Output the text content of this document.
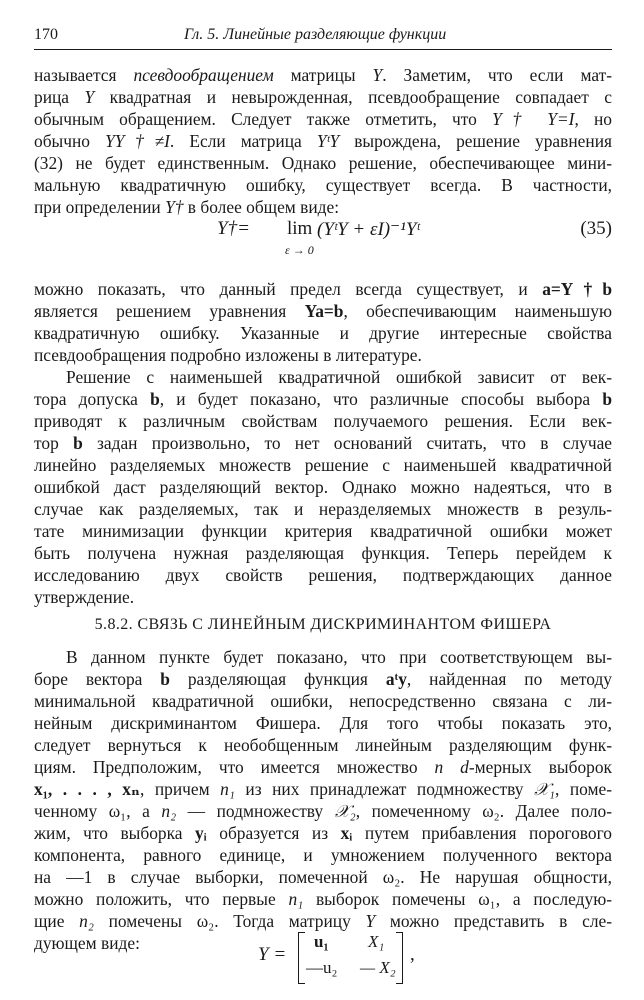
170	Гл. 5. Линейные разделяющие функции
называется псевдообращением матрицы Y. Заметим, что если мат-
рица Y квадратная и невырожденная, псевдообращение совпадает с
обычным обращением. Следует также отметить, что Y† Y=I, но
обычно YY†≠I. Если матрица YᵗY вырождена, решение уравнения
(32) не будет единственным. Однако решение, обеспечивающее мини-
мальную квадратичную ошибку, существует всегда. В частности,
при определении Y† в более общем виде:
Y†= lim
ε → 0
(YᵗY + εI)⁻¹Yᵗ	(35)
можно показать, что данный предел всегда существует, и a=Y†b
является решением уравнения Ya=b, обеспечивающим наименьшую
квадратичную ошибку. Указанные и другие интересные свойства
псевдообращения подробно изложены в литературе.
Решение с наименьшей квадратичной ошибкой зависит от век-
тора допуска b, и будет показано, что различные способы выбора b
приводят к различным свойствам получаемого решения. Если век-
тор b задан произвольно, то нет оснований считать, что в случае
линейно разделяемых множеств решение с наименьшей квадратичной
ошибкой даст разделяющий вектор. Однако можно надеяться, что в
случае как разделяемых, так и неразделяемых множеств в резуль-
тате минимизации функции критерия квадратичной ошибки может
быть получена нужная разделяющая функция. Теперь перейдем к
исследованию двух свойств решения, подтверждающих данное
утверждение.
5.8.2. СВЯЗЬ С ЛИНЕЙНЫМ ДИСКРИМИНАНТОМ ФИШЕРА
В данном пункте будет показано, что при соответствующем вы-
боре вектора b разделяющая функция aᵗy, найденная по методу
минимальной квадратичной ошибки, непосредственно связана с ли-
нейным дискриминантом Фишера. Для того чтобы показать это,
следует вернуться к необобщенным линейным разделяющим функ-
циям. Предположим, что имеется множество n d-мерных выборок
x₁, . . . , xₙ, причем n₁ из них принадлежат подмножеству 𝒳₁, поме-
ченному ω₁, а n₂ — подмножеству 𝒳₂, помеченному ω₂. Далее поло-
жим, что выборка yᵢ образуется из xᵢ путем прибавления порогового
компонента, равного единице, и умножением полученного вектора
на —1 в случае выборки, помеченной ω₂. Не нарушая общности,
можно положить, что первые n₁ выборок помечены ω₁, а последую-
щие n₂ помечены ω₂. Тогда матрицу Y можно представить в сле-
дующем виде:
Y =
u₁ X₁
—u₂ — X₂
,
